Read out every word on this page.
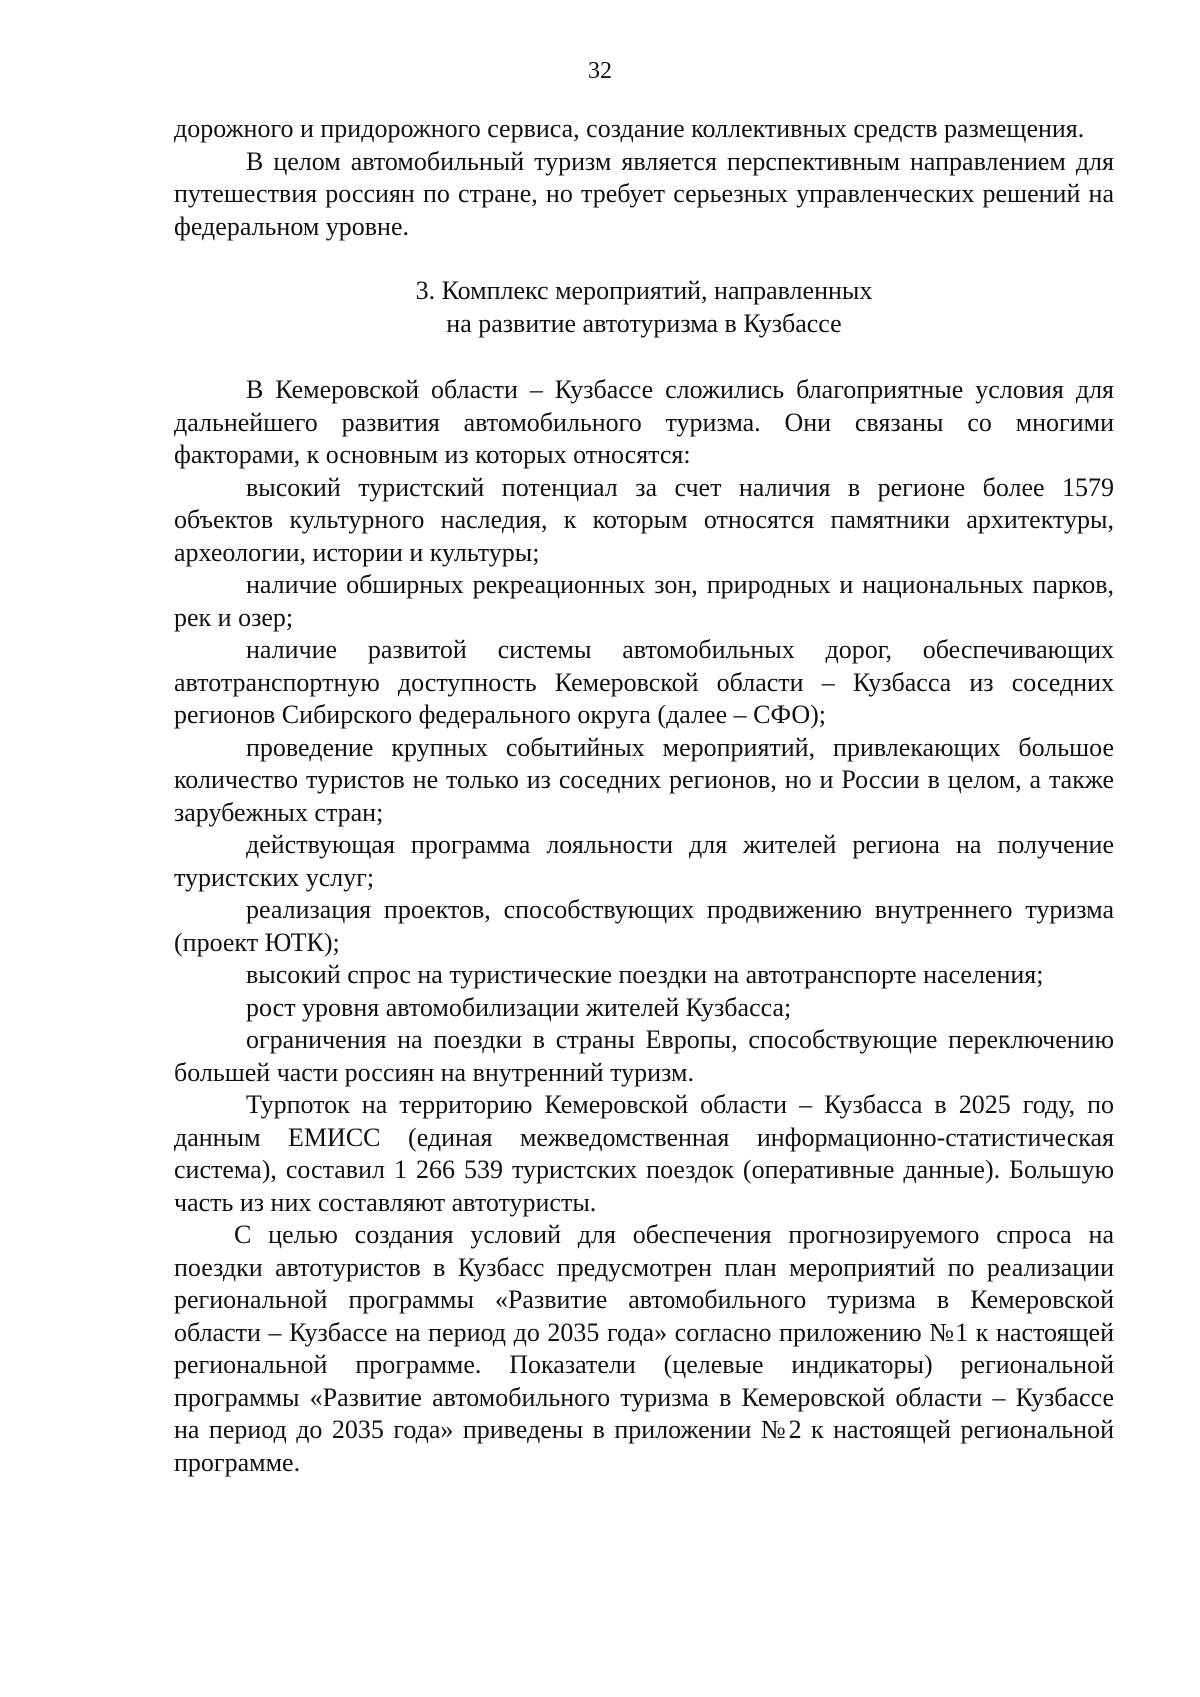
32

дорожного и придорожного сервиса, создание коллективных средств размещения.

В целом автомобильный туризм является перспективным направлением для путешествия россиян по стране, но требует серьезных управленческих решений на федеральном уровне.

3. Комплекс мероприятий, направленных
на развитие автотуризма в Кузбассе

В Кемеровской области – Кузбассе сложились благоприятные условия для дальнейшего развития автомобильного туризма. Они связаны со многими факторами, к основным из которых относятся:

высокий туристский потенциал за счет наличия в регионе более 1579 объектов культурного наследия, к которым относятся памятники архитектуры, археологии, истории и культуры;

наличие обширных рекреационных зон, природных и национальных парков, рек и озер;

наличие развитой системы автомобильных дорог, обеспечивающих автотранспортную доступность Кемеровской области – Кузбасса из соседних регионов Сибирского федерального округа (далее – СФО);

проведение крупных событийных мероприятий, привлекающих большое количество туристов не только из соседних регионов, но и России в целом, а также зарубежных стран;

действующая программа лояльности для жителей региона на получение туристских услуг;

реализация проектов, способствующих продвижению внутреннего туризма (проект ЮТК);

высокий спрос на туристические поездки на автотранспорте населения;

рост уровня автомобилизации жителей Кузбасса;

ограничения на поездки в страны Европы, способствующие переключению большей части россиян на внутренний туризм.

Турпоток на территорию Кемеровской области – Кузбасса в 2025 году, по данным ЕМИСС (единая межведомственная информационно-статистическая система), составил 1 266 539 туристских поездок (оперативные данные). Большую часть из них составляют автотуристы.

С целью создания условий для обеспечения прогнозируемого спроса на поездки автотуристов в Кузбасс предусмотрен план мероприятий по реализации региональной программы «Развитие автомобильного туризма в Кемеровской области – Кузбассе на период до 2035 года» согласно приложению №1 к настоящей региональной программе. Показатели (целевые индикаторы) региональной программы «Развитие автомобильного туризма в Кемеровской области – Кузбассе на период до 2035 года» приведены в приложении №2 к настоящей региональной программе.
